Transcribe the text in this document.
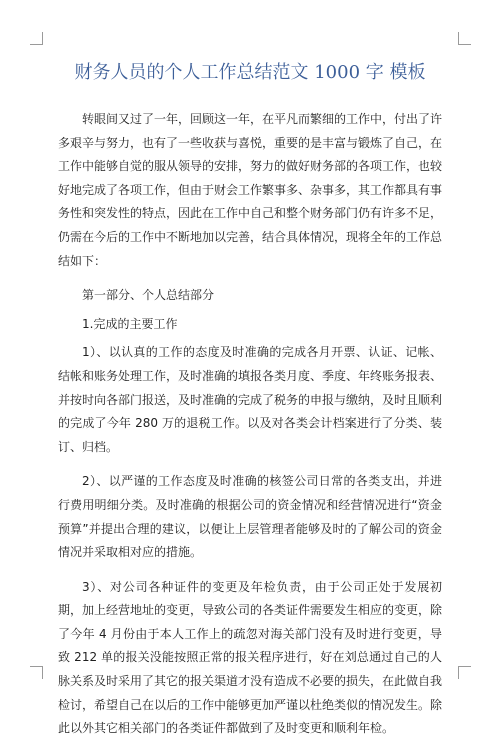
财务人员的个人工作总结范文 1000 字 模板

转眼间又过了一年，回顾这一年，在平凡而繁细的工作中，付出了许多艰辛与努力，也有了一些收获与喜悦，重要的是丰富与锻炼了自己，在工作中能够自觉的服从领导的安排，努力的做好财务部的各项工作，也较好地完成了各项工作，但由于财会工作繁事多、杂事多，其工作都具有事务性和突发性的特点，因此在工作中自己和整个财务部门仍有许多不足，仍需在今后的工作中不断地加以完善，结合具体情况，现将全年的工作总结如下：

第一部分、个人总结部分

1.完成的主要工作

1）、以认真的工作的态度及时准确的完成各月开票、认证、记帐、结帐和账务处理工作，及时准确的填报各类月度、季度、年终账务报表、并按时向各部门报送，及时准确的完成了税务的申报与缴纳，及时且顺利的完成了今年 280 万的退税工作。以及对各类会计档案进行了分类、装订、归档。

2）、以严谨的工作态度及时准确的核签公司日常的各类支出，并进行费用明细分类。及时准确的根据公司的资金情况和经营情况进行“资金预算”并提出合理的建议，以便让上层管理者能够及时的了解公司的资金情况并采取相对应的措施。

3）、对公司各种证件的变更及年检负责，由于公司正处于发展初期，加上经营地址的变更，导致公司的各类证件需要发生相应的变更，除了今年 4 月份由于本人工作上的疏忽对海关部门没有及时进行变更，导致 212 单的报关没能按照正常的报关程序进行，好在刘总通过自己的人脉关系及时采用了其它的报关渠道才没有造成不必要的损失，在此做自我检讨，希望自己在以后的工作中能够更加严谨以杜绝类似的情况发生。除此以外其它相关部门的各类证件都做到了及时变更和顺利年检。
